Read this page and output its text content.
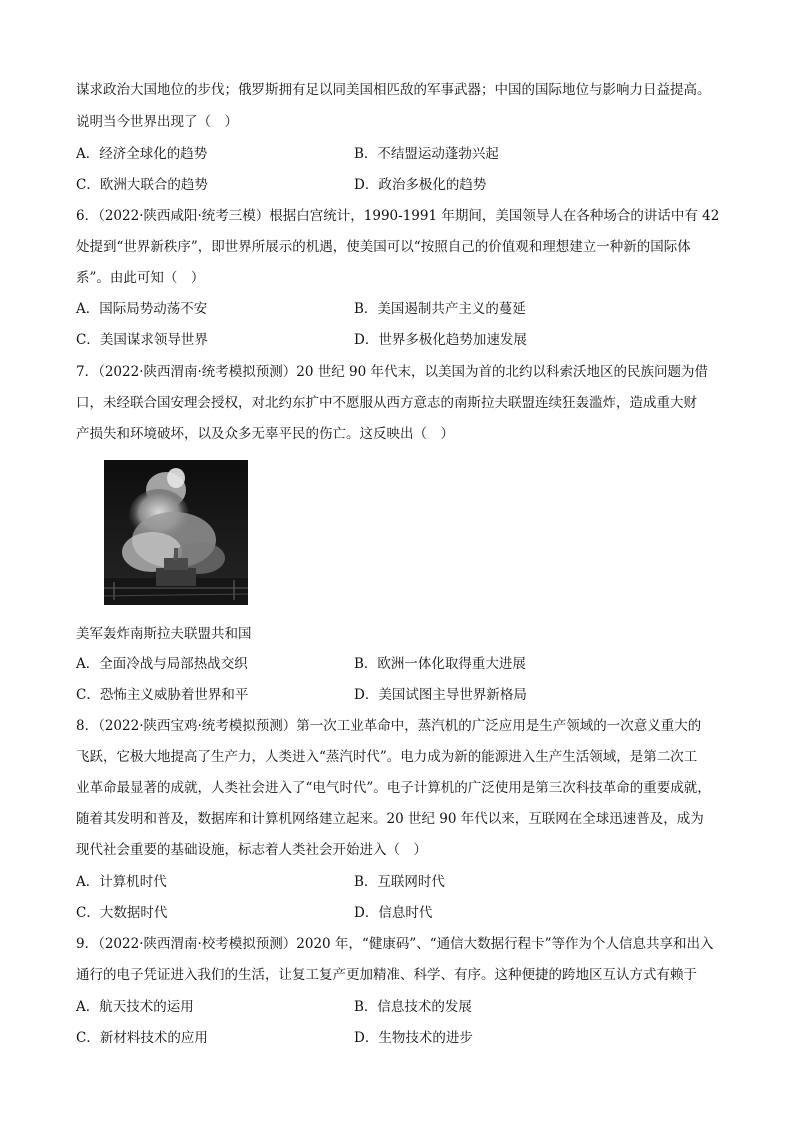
谋求政治大国地位的步伐；俄罗斯拥有足以同美国相匹敌的军事武器；中国的国际地位与影响力日益提高。
说明当今世界出现了（　）
A．经济全球化的趋势	B．不结盟运动蓬勃兴起
C．欧洲大联合的趋势	D．政治多极化的趋势
6．（2022·陕西咸阳·统考三模）根据白宫统计，1990-1991 年期间，美国领导人在各种场合的讲话中有 42
处提到“世界新秩序”，即世界所展示的机遇，使美国可以“按照自己的价值观和理想建立一种新的国际体
系”。由此可知（　）
A．国际局势动荡不安	B．美国遏制共产主义的蔓延
C．美国谋求领导世界	D．世界多极化趋势加速发展
7．（2022·陕西渭南·统考模拟预测）20 世纪 90 年代末，以美国为首的北约以科索沃地区的民族问题为借
口，未经联合国安理会授权，对北约东扩中不愿服从西方意志的南斯拉夫联盟连续狂轰滥炸，造成重大财
产损失和环境破坏，以及众多无辜平民的伤亡。这反映出（　）
美军轰炸南斯拉夫联盟共和国
A．全面冷战与局部热战交织	B．欧洲一体化取得重大进展
C．恐怖主义威胁着世界和平	D．美国试图主导世界新格局
8．（2022·陕西宝鸡·统考模拟预测）第一次工业革命中，蒸汽机的广泛应用是生产领域的一次意义重大的
飞跃，它极大地提高了生产力，人类进入“蒸汽时代”。电力成为新的能源进入生产生活领域，是第二次工
业革命最显著的成就，人类社会进入了“电气时代”。电子计算机的广泛使用是第三次科技革命的重要成就，
随着其发明和普及，数据库和计算机网络建立起来。20 世纪 90 年代以来，互联网在全球迅速普及，成为
现代社会重要的基础设施，标志着人类社会开始进入（　）
A．计算机时代	B．互联网时代
C．大数据时代	D．信息时代
9．（2022·陕西渭南·校考模拟预测）2020 年，“健康码”、“通信大数据行程卡”等作为个人信息共享和出入
通行的电子凭证进入我们的生活，让复工复产更加精准、科学、有序。这种便捷的跨地区互认方式有赖于
A．航天技术的运用	B．信息技术的发展
C．新材料技术的应用	D．生物技术的进步
